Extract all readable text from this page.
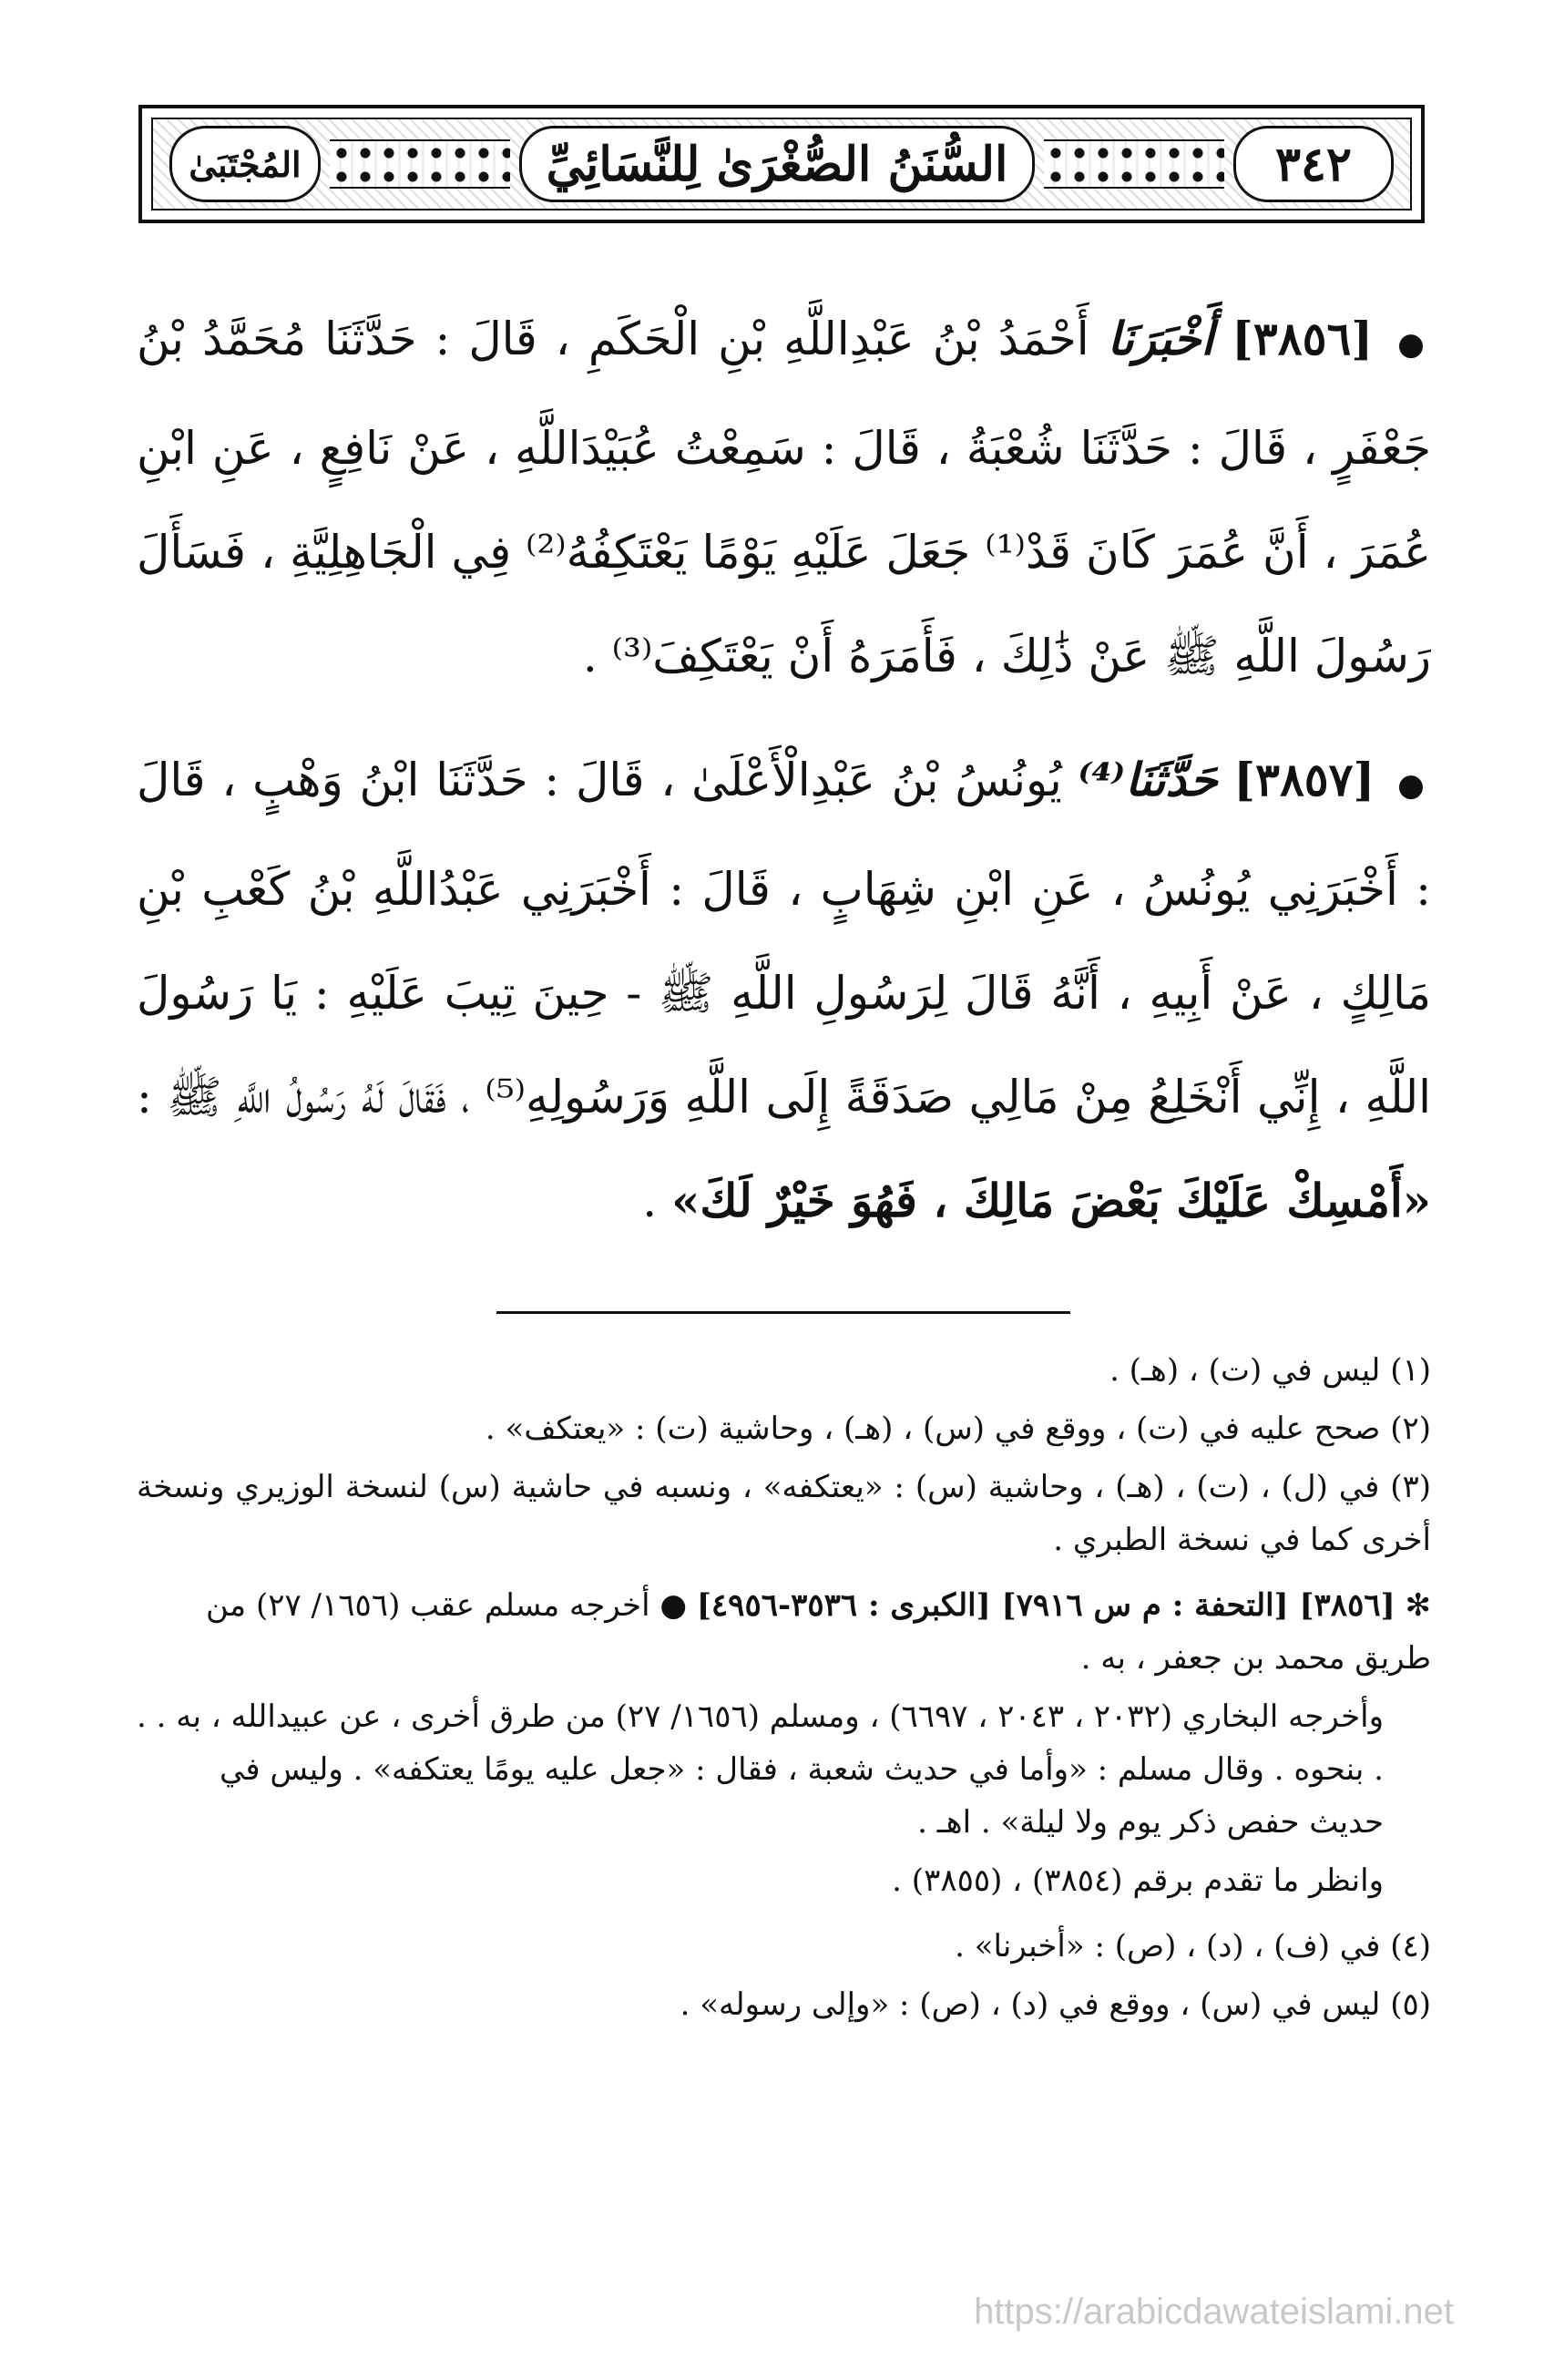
٣٤٢
السُّنَنُ الصُّغْرَىٰ لِلنَّسَائِيِّ
المُجْتَبَىٰ

● [٣٨٥٦] أَخْبَرَنَا أَحْمَدُ بْنُ عَبْدِاللَّهِ بْنِ الْحَكَمِ ، قَالَ : حَدَّثَنَا مُحَمَّدُ بْنُ جَعْفَرٍ ، قَالَ : حَدَّثَنَا شُعْبَةُ ، قَالَ : سَمِعْتُ عُبَيْدَاللَّهِ ، عَنْ نَافِعٍ ، عَنِ ابْنِ عُمَرَ ، أَنَّ عُمَرَ كَانَ قَدْ⁽¹⁾ جَعَلَ عَلَيْهِ يَوْمًا يَعْتَكِفُهُ⁽²⁾ فِي الْجَاهِلِيَّةِ ، فَسَأَلَ رَسُولَ اللَّهِ ﷺ عَنْ ذَٰلِكَ ، فَأَمَرَهُ أَنْ يَعْتَكِفَ⁽³⁾ .

● [٣٨٥٧] حَدَّثَنَا⁽⁴⁾ يُونُسُ بْنُ عَبْدِالْأَعْلَىٰ ، قَالَ : حَدَّثَنَا ابْنُ وَهْبٍ ، قَالَ : أَخْبَرَنِي يُونُسُ ، عَنِ ابْنِ شِهَابٍ ، قَالَ : أَخْبَرَنِي عَبْدُاللَّهِ بْنُ كَعْبِ بْنِ مَالِكٍ ، عَنْ أَبِيهِ ، أَنَّهُ قَالَ لِرَسُولِ اللَّهِ ﷺ - حِينَ تِيبَ عَلَيْهِ : يَا رَسُولَ اللَّهِ ، إِنِّي أَنْخَلِعُ مِنْ مَالِي صَدَقَةً إِلَى اللَّهِ وَرَسُولِهِ⁽⁵⁾ ، فَقَالَ لَهُ رَسُولُ اللَّهِ ﷺ : «أَمْسِكْ عَلَيْكَ بَعْضَ مَالِكَ ، فَهُوَ خَيْرٌ لَكَ» .

(١) ليس في (ت) ، (هـ) .

(٢) صحح عليه في (ت) ، ووقع في (س) ، (هـ) ، وحاشية (ت) : «يعتكف» .

(٣) في (ل) ، (ت) ، (هـ) ، وحاشية (س) : «يعتكفه» ، ونسبه في حاشية (س) لنسخة الوزيري ونسخة أخرى كما في نسخة الطبري .

✻ [٣٨٥٦] [التحفة : م س ٧٩١٦] [الكبرى : ٣٥٣٦-٤٩٥٦] ● أخرجه مسلم عقب (١٦٥٦/ ٢٧) من طريق محمد بن جعفر ، به .

وأخرجه البخاري (٢٠٣٢ ، ٢٠٤٣ ، ٦٦٩٧) ، ومسلم (١٦٥٦/ ٢٧) من طرق أخرى ، عن عبيدالله ، به . . . بنحوه . وقال مسلم : «وأما في حديث شعبة ، فقال : «جعل عليه يومًا يعتكفه» . وليس في حديث حفص ذكر يوم ولا ليلة» . اهـ .

وانظر ما تقدم برقم (٣٨٥٤) ، (٣٨٥٥) .

(٤) في (ف) ، (د) ، (ص) : «أخبرنا» .

(٥) ليس في (س) ، ووقع في (د) ، (ص) : «وإلى رسوله» .

https://arabicdawateislami.net
